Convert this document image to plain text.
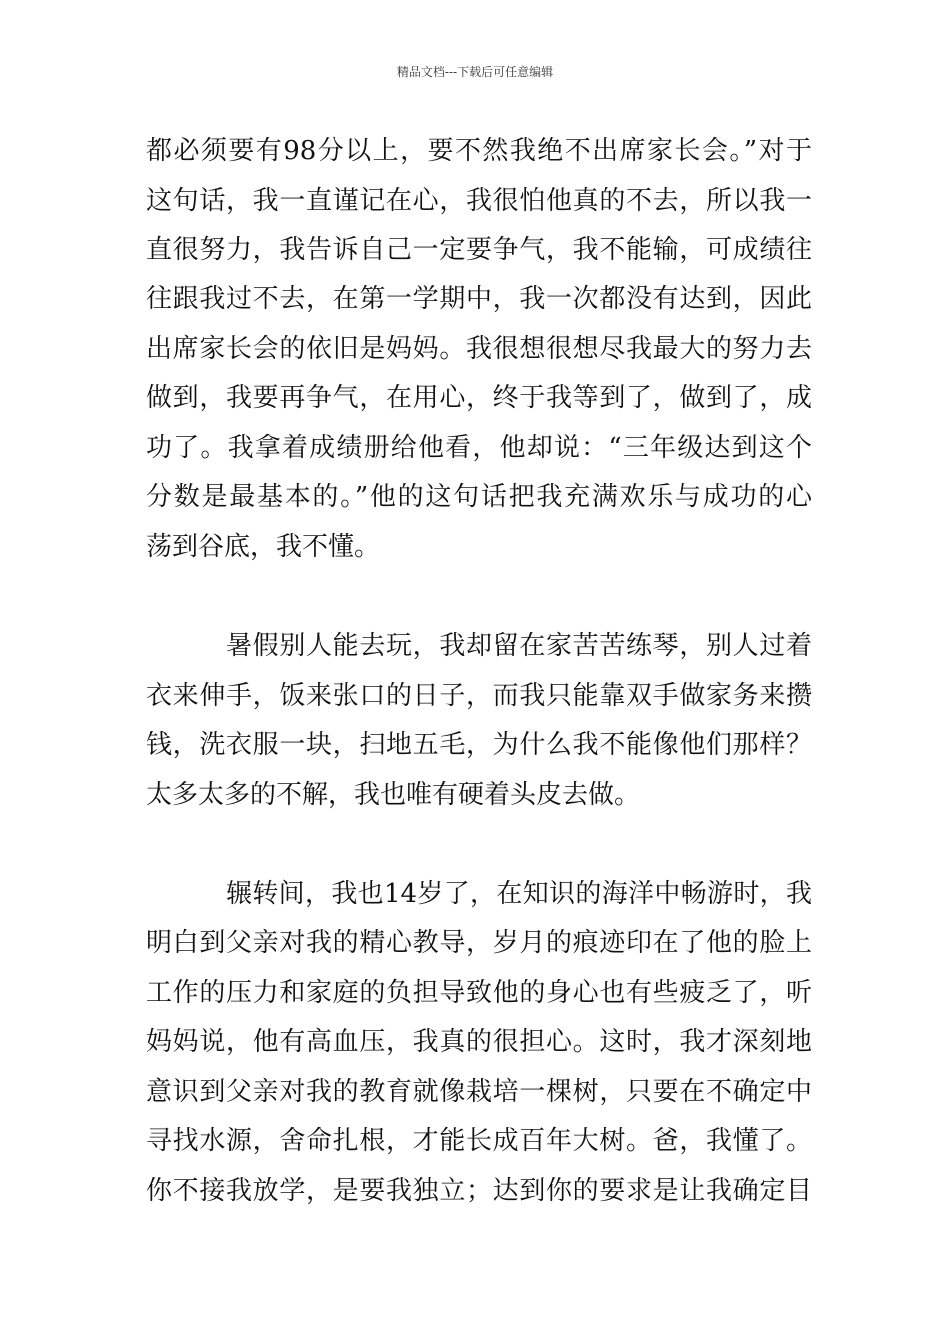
精品文档---下载后可任意编辑
都必须要有98分以上，要不然我绝不出席家长会。”对于
这句话，我一直谨记在心，我很怕他真的不去，所以我一
直很努力，我告诉自己一定要争气，我不能输，可成绩往
往跟我过不去，在第一学期中，我一次都没有达到，因此
出席家长会的依旧是妈妈。我很想很想尽我最大的努力去
做到，我要再争气，在用心，终于我等到了，做到了，成
功了。我拿着成绩册给他看，他却说：“三年级达到这个
分数是最基本的。”他的这句话把我充满欢乐与成功的心
荡到谷底，我不懂。
暑假别人能去玩，我却留在家苦苦练琴，别人过着
衣来伸手，饭来张口的日子，而我只能靠双手做家务来攒
钱，洗衣服一块，扫地五毛，为什么我不能像他们那样？
太多太多的不解，我也唯有硬着头皮去做。
辗转间，我也14岁了，在知识的海洋中畅游时，我
明白到父亲对我的精心教导，岁月的痕迹印在了他的脸上
工作的压力和家庭的负担导致他的身心也有些疲乏了，听
妈妈说，他有高血压，我真的很担心。这时，我才深刻地
意识到父亲对我的教育就像栽培一棵树，只要在不确定中
寻找水源，舍命扎根，才能长成百年大树。爸，我懂了。
你不接我放学，是要我独立；达到你的要求是让我确定目
